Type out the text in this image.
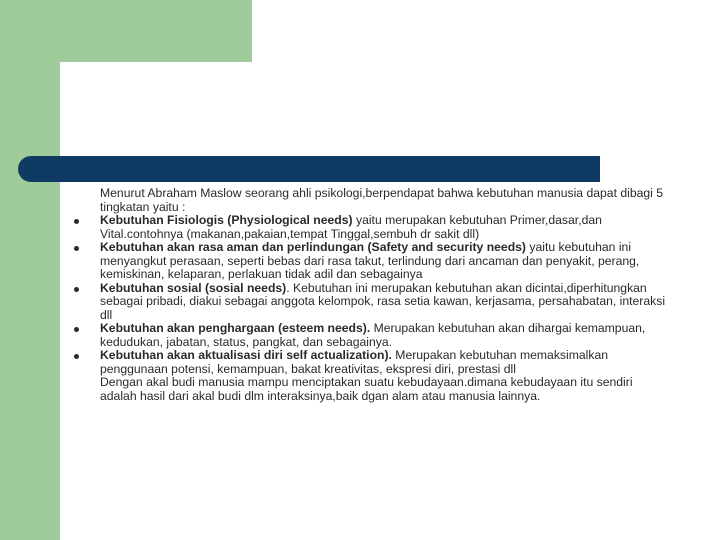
Menurut Abraham Maslow seorang ahli psikologi,berpendapat bahwa kebutuhan manusia dapat dibagi 5 tingkatan yaitu :

Kebutuhan Fisiologis (Physiological needs) yaitu merupakan kebutuhan Primer,dasar,dan Vital.contohnya (makanan,pakaian,tempat Tinggal,sembuh dr sakit dll)

Kebutuhan akan rasa aman dan perlindungan (Safety and security needs) yaitu kebutuhan ini menyangkut perasaan, seperti bebas dari rasa takut, terlindung dari ancaman dan penyakit, perang, kemiskinan, kelaparan, perlakuan tidak adil dan sebagainya

Kebutuhan sosial (sosial needs). Kebutuhan ini merupakan kebutuhan akan dicintai,diperhitungkan sebagai pribadi, diakui sebagai anggota kelompok, rasa setia kawan, kerjasama, persahabatan, interaksi dll

Kebutuhan akan penghargaan (esteem needs). Merupakan kebutuhan akan dihargai kemampuan, kedudukan, jabatan, status, pangkat, dan sebagainya.

Kebutuhan akan aktualisasi diri self actualization). Merupakan kebutuhan memaksimalkan penggunaan potensi, kemampuan, bakat kreativitas, ekspresi diri, prestasi dll

Dengan akal budi manusia mampu menciptakan suatu kebudayaan.dimana kebudayaan itu sendiri adalah hasil dari akal budi dlm interaksinya,baik dgan alam atau manusia lainnya.
